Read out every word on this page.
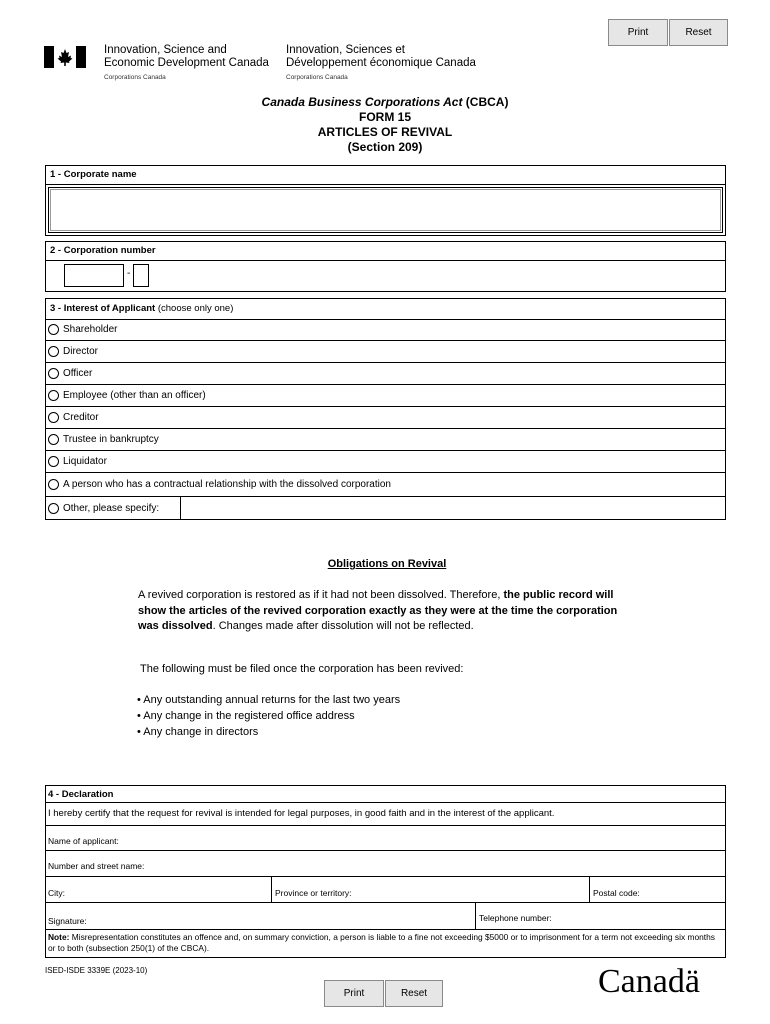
Print	Reset
Innovation, Science and
Economic Development Canada
Corporations Canada
Innovation, Sciences et
Développement économique Canada
Corporations Canada
Canada Business Corporations Act (CBCA)
FORM 15
ARTICLES OF REVIVAL
(Section 209)
1 - Corporate name
2 - Corporation number
-
3 - Interest of Applicant (choose only one)
Shareholder
Director
Officer
Employee (other than an officer)
Creditor
Trustee in bankruptcy
Liquidator
A person who has a contractual relationship with the dissolved corporation
Other, please specify:
Obligations on Revival
A revived corporation is restored as if it had not been dissolved. Therefore, the public record will show the articles of the revived corporation exactly as they were at the time the corporation was dissolved. Changes made after dissolution will not be reflected.
The following must be filed once the corporation has been revived:
• Any outstanding annual returns for the last two years
• Any change in the registered office address
• Any change in directors
4 - Declaration
I hereby certify that the request for revival is intended for legal purposes, in good faith and in the interest of the applicant.
Name of applicant:
Number and street name:
City:	Province or territory:	Postal code:
Signature:	Telephone number:
Note: Misrepresentation constitutes an offence and, on summary conviction, a person is liable to a fine not exceeding $5000 or to imprisonment for a term not exceeding six months or to both (subsection 250(1) of the CBCA).
ISED-ISDE 3339E (2023-10)
Print	Reset	Canadä
